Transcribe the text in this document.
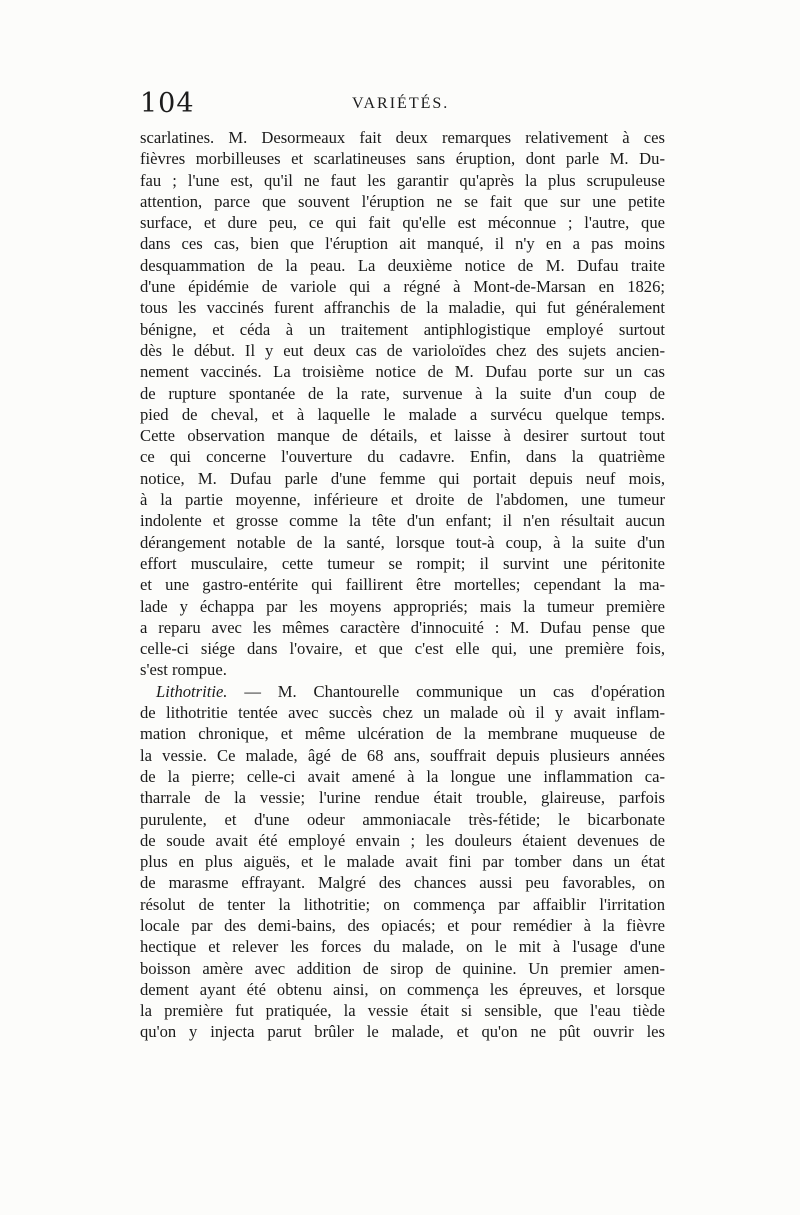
104	VARIÉTÉS.
scarlatines. M. Desormeaux fait deux remarques relativement à ces
fièvres morbilleuses et scarlatineuses sans éruption, dont parle M. Du-
fau ; l'une est, qu'il ne faut les garantir qu'après la plus scrupuleuse
attention, parce que souvent l'éruption ne se fait que sur une petite
surface, et dure peu, ce qui fait qu'elle est méconnue ; l'autre, que
dans ces cas, bien que l'éruption ait manqué, il n'y en a pas moins
desquammation de la peau. La deuxième notice de M. Dufau traite
d'une épidémie de variole qui a régné à Mont-de-Marsan en 1826;
tous les vaccinés furent affranchis de la maladie, qui fut généralement
bénigne, et céda à un traitement antiphlogistique employé surtout
dès le début. Il y eut deux cas de varioloïdes chez des sujets ancien-
nement vaccinés. La troisième notice de M. Dufau porte sur un cas
de rupture spontanée de la rate, survenue à la suite d'un coup de
pied de cheval, et à laquelle le malade a survécu quelque temps.
Cette observation manque de détails, et laisse à desirer surtout tout
ce qui concerne l'ouverture du cadavre. Enfin, dans la quatrième
notice, M. Dufau parle d'une femme qui portait depuis neuf mois,
à la partie moyenne, inférieure et droite de l'abdomen, une tumeur
indolente et grosse comme la tête d'un enfant; il n'en résultait aucun
dérangement notable de la santé, lorsque tout-à coup, à la suite d'un
effort musculaire, cette tumeur se rompit; il survint une péritonite
et une gastro-entérite qui faillirent être mortelles; cependant la ma-
lade y échappa par les moyens appropriés; mais la tumeur première
a reparu avec les mêmes caractère d'innocuité : M. Dufau pense que
celle-ci siége dans l'ovaire, et que c'est elle qui, une première fois,
s'est rompue.
Lithotritie. — M. Chantourelle communique un cas d'opération
de lithotritie tentée avec succès chez un malade où il y avait inflam-
mation chronique, et même ulcération de la membrane muqueuse de
la vessie. Ce malade, âgé de 68 ans, souffrait depuis plusieurs années
de la pierre; celle-ci avait amené à la longue une inflammation ca-
tharrale de la vessie; l'urine rendue était trouble, glaireuse, parfois
purulente, et d'une odeur ammoniacale très-fétide; le bicarbonate
de soude avait été employé envain ; les douleurs étaient devenues de
plus en plus aiguës, et le malade avait fini par tomber dans un état
de marasme effrayant. Malgré des chances aussi peu favorables, on
résolut de tenter la lithotritie; on commença par affaiblir l'irritation
locale par des demi-bains, des opiacés; et pour remédier à la fièvre
hectique et relever les forces du malade, on le mit à l'usage d'une
boisson amère avec addition de sirop de quinine. Un premier amen-
dement ayant été obtenu ainsi, on commença les épreuves, et lorsque
la première fut pratiquée, la vessie était si sensible, que l'eau tiède
qu'on y injecta parut brûler le malade, et qu'on ne pût ouvrir les
